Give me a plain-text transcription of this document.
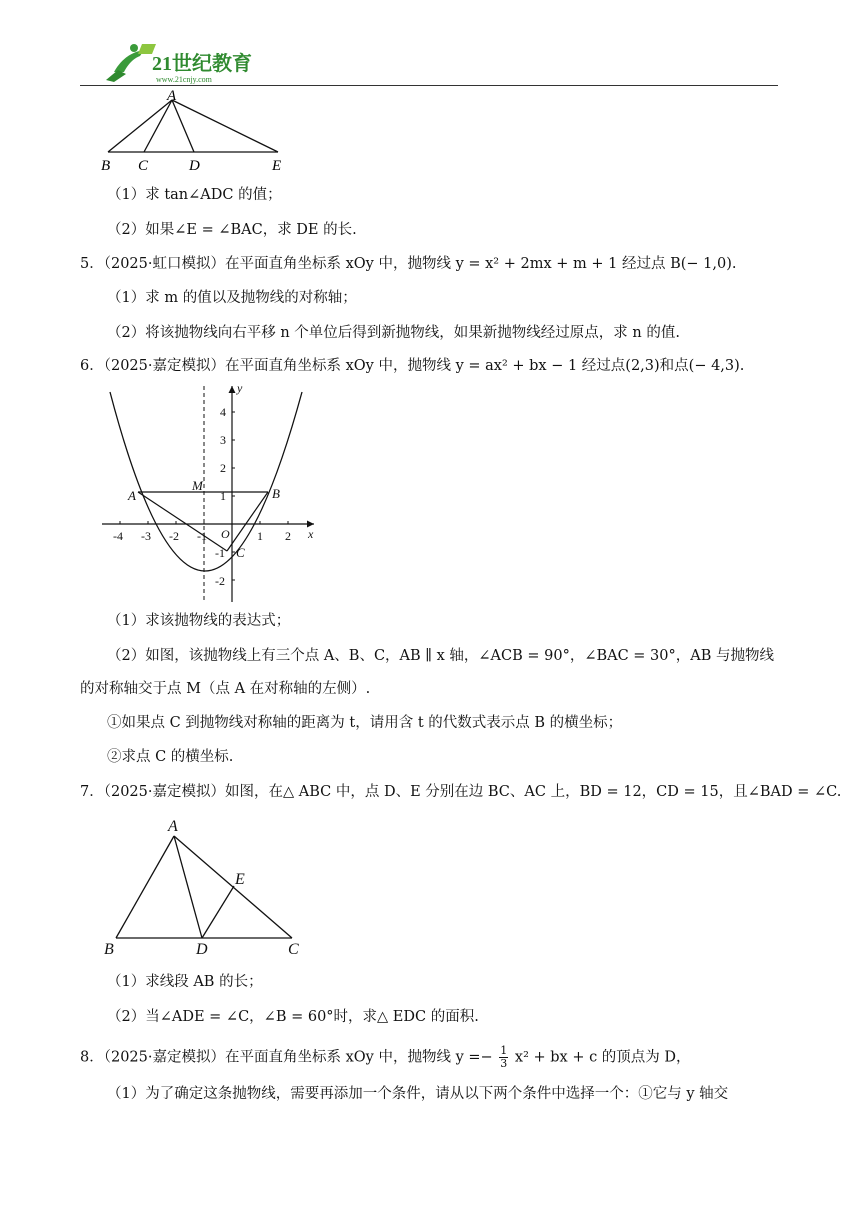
21世纪教育
www.21cnjy.com
A
B C	D	E
（1）求 tan∠ADC 的值；
（2）如果∠E = ∠BAC，求 DE 的长.
5．（2025·虹口模拟）在平面直角坐标系 xOy 中，抛物线 y = x² + 2mx + m + 1 经过点 B(− 1,0).
（1）求 m 的值以及抛物线的对称轴；
（2）将该抛物线向右平移 n 个单位后得到新抛物线，如果新抛物线经过原点，求 n 的值.
6．（2025·嘉定模拟）在平面直角坐标系 xOy 中，抛物线 y = ax² + bx − 1 经过点(2,3)和点(− 4,3).
-4 -3 -2 -1	1 2
4
3
2
1
-1
-2
x
y
O
A	B
C
M
（1）求该抛物线的表达式；
（2）如图，该抛物线上有三个点 A、B、C，AB ∥ x 轴，∠ACB = 90°，∠BAC = 30°，AB 与抛物线
的对称轴交于点 M（点 A 在对称轴的左侧）.
①如果点 C 到抛物线对称轴的距离为 t，请用含 t 的代数式表示点 B 的横坐标；
②求点 C 的横坐标.
7．（2025·嘉定模拟）如图，在△ ABC 中，点 D、E 分别在边 BC、AC 上，BD = 12，CD = 15，且∠BAD = ∠C.
A
B	C
D
E
（1）求线段 AB 的长；
（2）当∠ADE = ∠C，∠B = 60°时，求△ EDC 的面积.
8．（2025·嘉定模拟）在平面直角坐标系 xOy 中，抛物线 $y =- \frac{1}{3} x^2$ + bx + c 的顶点为 D，
（1）为了确定这条抛物线，需要再添加一个条件，请从以下两个条件中选择一个：①它与 y 轴交
